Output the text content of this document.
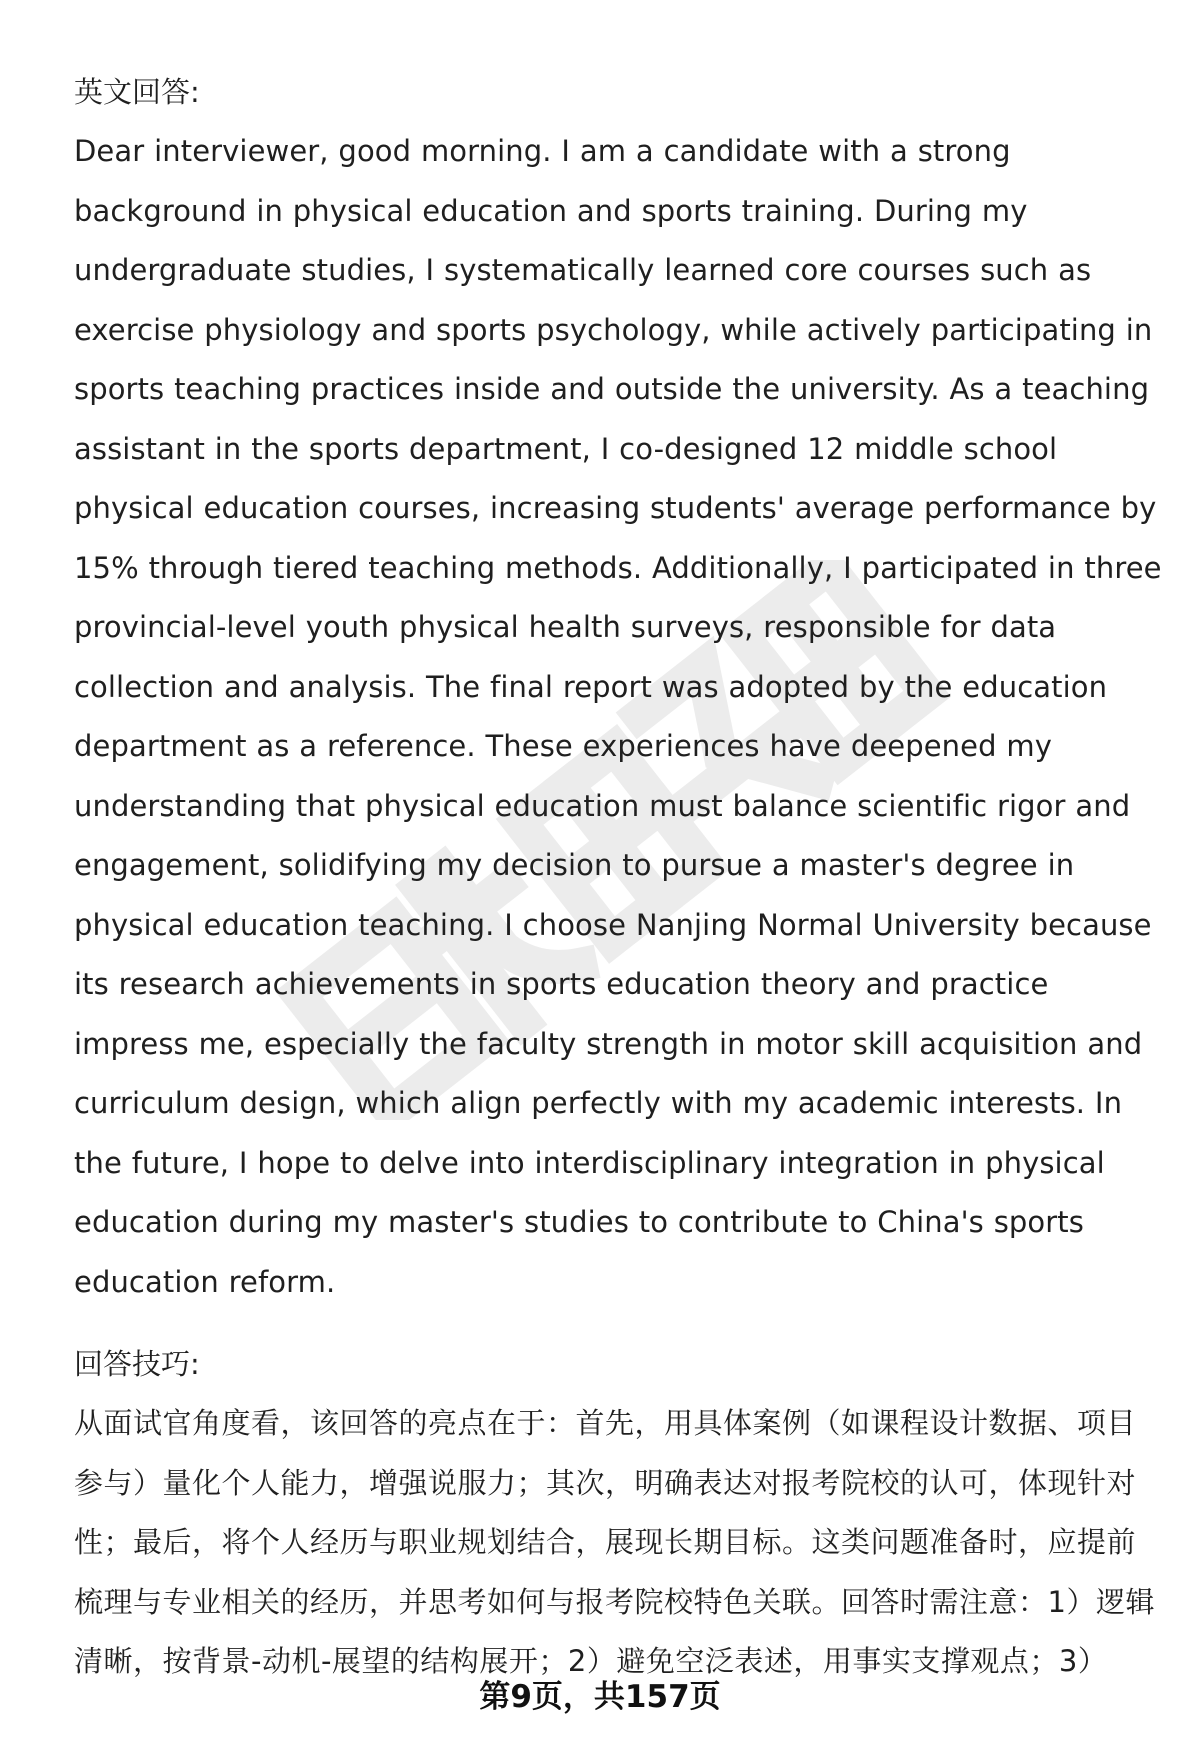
英文回答:

Dear interviewer, good morning. I am a candidate with a strong background in physical education and sports training. During my undergraduate studies, I systematically learned core courses such as exercise physiology and sports psychology, while actively participating in sports teaching practices inside and outside the university. As a teaching assistant in the sports department, I co-designed 12 middle school physical education courses, increasing students' average performance by 15% through tiered teaching methods. Additionally, I participated in three provincial-level youth physical health surveys, responsible for data collection and analysis. The final report was adopted by the education department as a reference. These experiences have deepened my understanding that physical education must balance scientific rigor and engagement, solidifying my decision to pursue a master's degree in physical education teaching. I choose Nanjing Normal University because its research achievements in sports education theory and practice impress me, especially the faculty strength in motor skill acquisition and curriculum design, which align perfectly with my academic interests. In the future, I hope to delve into interdisciplinary integration in physical education during my master's studies to contribute to China's sports education reform.

回答技巧:

从面试官角度看，该回答的亮点在于：首先，用具体案例（如课程设计数据、项目参与）量化个人能力，增强说服力；其次，明确表达对报考院校的认可，体现针对性；最后，将个人经历与职业规划结合，展现长期目标。这类问题准备时，应提前梳理与专业相关的经历，并思考如何与报考院校特色关联。回答时需注意：1）逻辑清晰，按背景-动机-展望的结构展开；2）避免空泛表述，用事实支撑观点；3）

第9页，共157页
